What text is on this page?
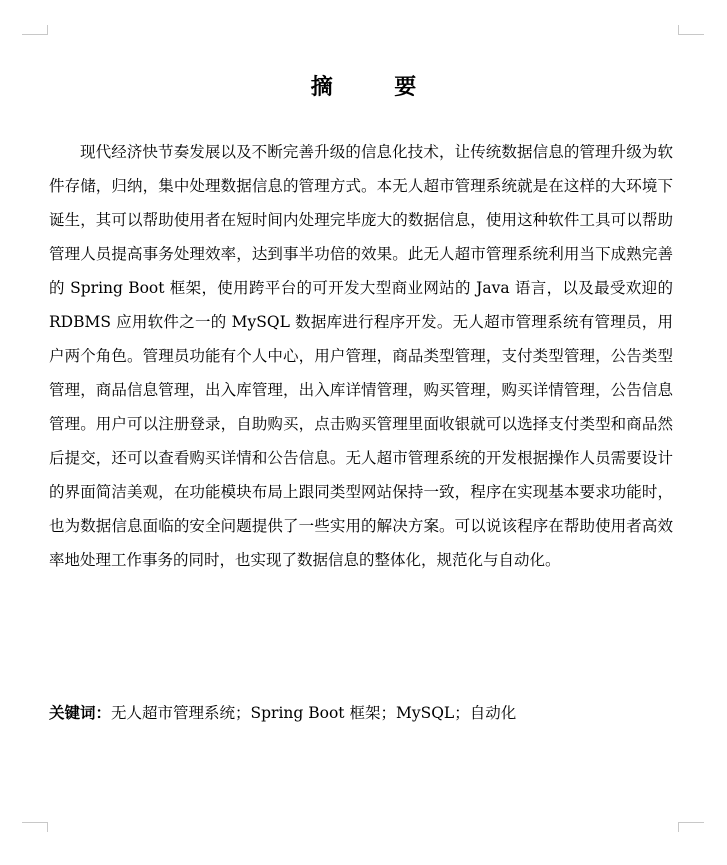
摘　要

现代经济快节奏发展以及不断完善升级的信息化技术，让传统数据信息的管理升级为软件存储，归纳，集中处理数据信息的管理方式。本无人超市管理系统就是在这样的大环境下诞生，其可以帮助使用者在短时间内处理完毕庞大的数据信息，使用这种软件工具可以帮助管理人员提高事务处理效率，达到事半功倍的效果。此无人超市管理系统利用当下成熟完善的 Spring Boot 框架，使用跨平台的可开发大型商业网站的 Java 语言，以及最受欢迎的 RDBMS 应用软件之一的 MySQL 数据库进行程序开发。无人超市管理系统有管理员，用户两个角色。管理员功能有个人中心，用户管理，商品类型管理，支付类型管理，公告类型管理，商品信息管理，出入库管理，出入库详情管理，购买管理，购买详情管理，公告信息管理。用户可以注册登录，自助购买，点击购买管理里面收银就可以选择支付类型和商品然后提交，还可以查看购买详情和公告信息。无人超市管理系统的开发根据操作人员需要设计的界面简洁美观，在功能模块布局上跟同类型网站保持一致，程序在实现基本要求功能时，也为数据信息面临的安全问题提供了一些实用的解决方案。可以说该程序在帮助使用者高效率地处理工作事务的同时，也实现了数据信息的整体化，规范化与自动化。

关键词：无人超市管理系统；Spring Boot 框架；MySQL；自动化
